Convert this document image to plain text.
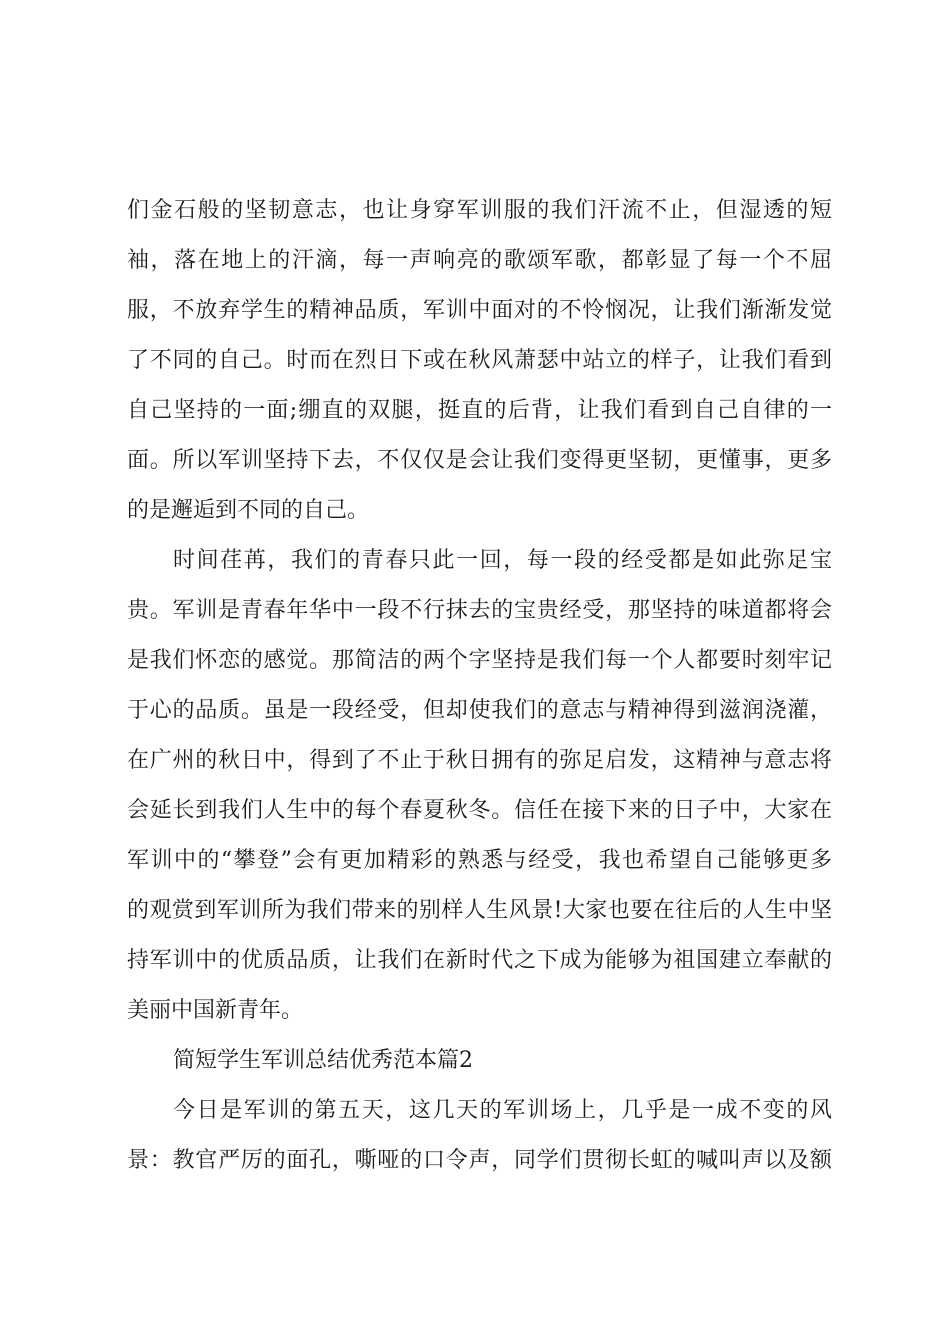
们金石般的坚韧意志，也让身穿军训服的我们汗流不止，但湿透的短
袖，落在地上的汗滴，每一声响亮的歌颂军歌，都彰显了每一个不屈
服，不放弃学生的精神品质，军训中面对的不怜悯况，让我们渐渐发觉
了不同的自己。时而在烈日下或在秋风萧瑟中站立的样子，让我们看到
自己坚持的一面;绷直的双腿，挺直的后背，让我们看到自己自律的一
面。所以军训坚持下去，不仅仅是会让我们变得更坚韧，更懂事，更多
的是邂逅到不同的自己。
时间荏苒，我们的青春只此一回，每一段的经受都是如此弥足宝
贵。军训是青春年华中一段不行抹去的宝贵经受，那坚持的味道都将会
是我们怀恋的感觉。那简洁的两个字坚持是我们每一个人都要时刻牢记
于心的品质。虽是一段经受，但却使我们的意志与精神得到滋润浇灌，
在广州的秋日中，得到了不止于秋日拥有的弥足启发，这精神与意志将
会延长到我们人生中的每个春夏秋冬。信任在接下来的日子中，大家在
军训中的“攀登”会有更加精彩的熟悉与经受，我也希望自己能够更多
的观赏到军训所为我们带来的别样人生风景!大家也要在往后的人生中坚
持军训中的优质品质，让我们在新时代之下成为能够为祖国建立奉献的
美丽中国新青年。
简短学生军训总结优秀范本篇2
今日是军训的第五天，这几天的军训场上，几乎是一成不变的风
景：教官严厉的面孔，嘶哑的口令声，同学们贯彻长虹的喊叫声以及额
